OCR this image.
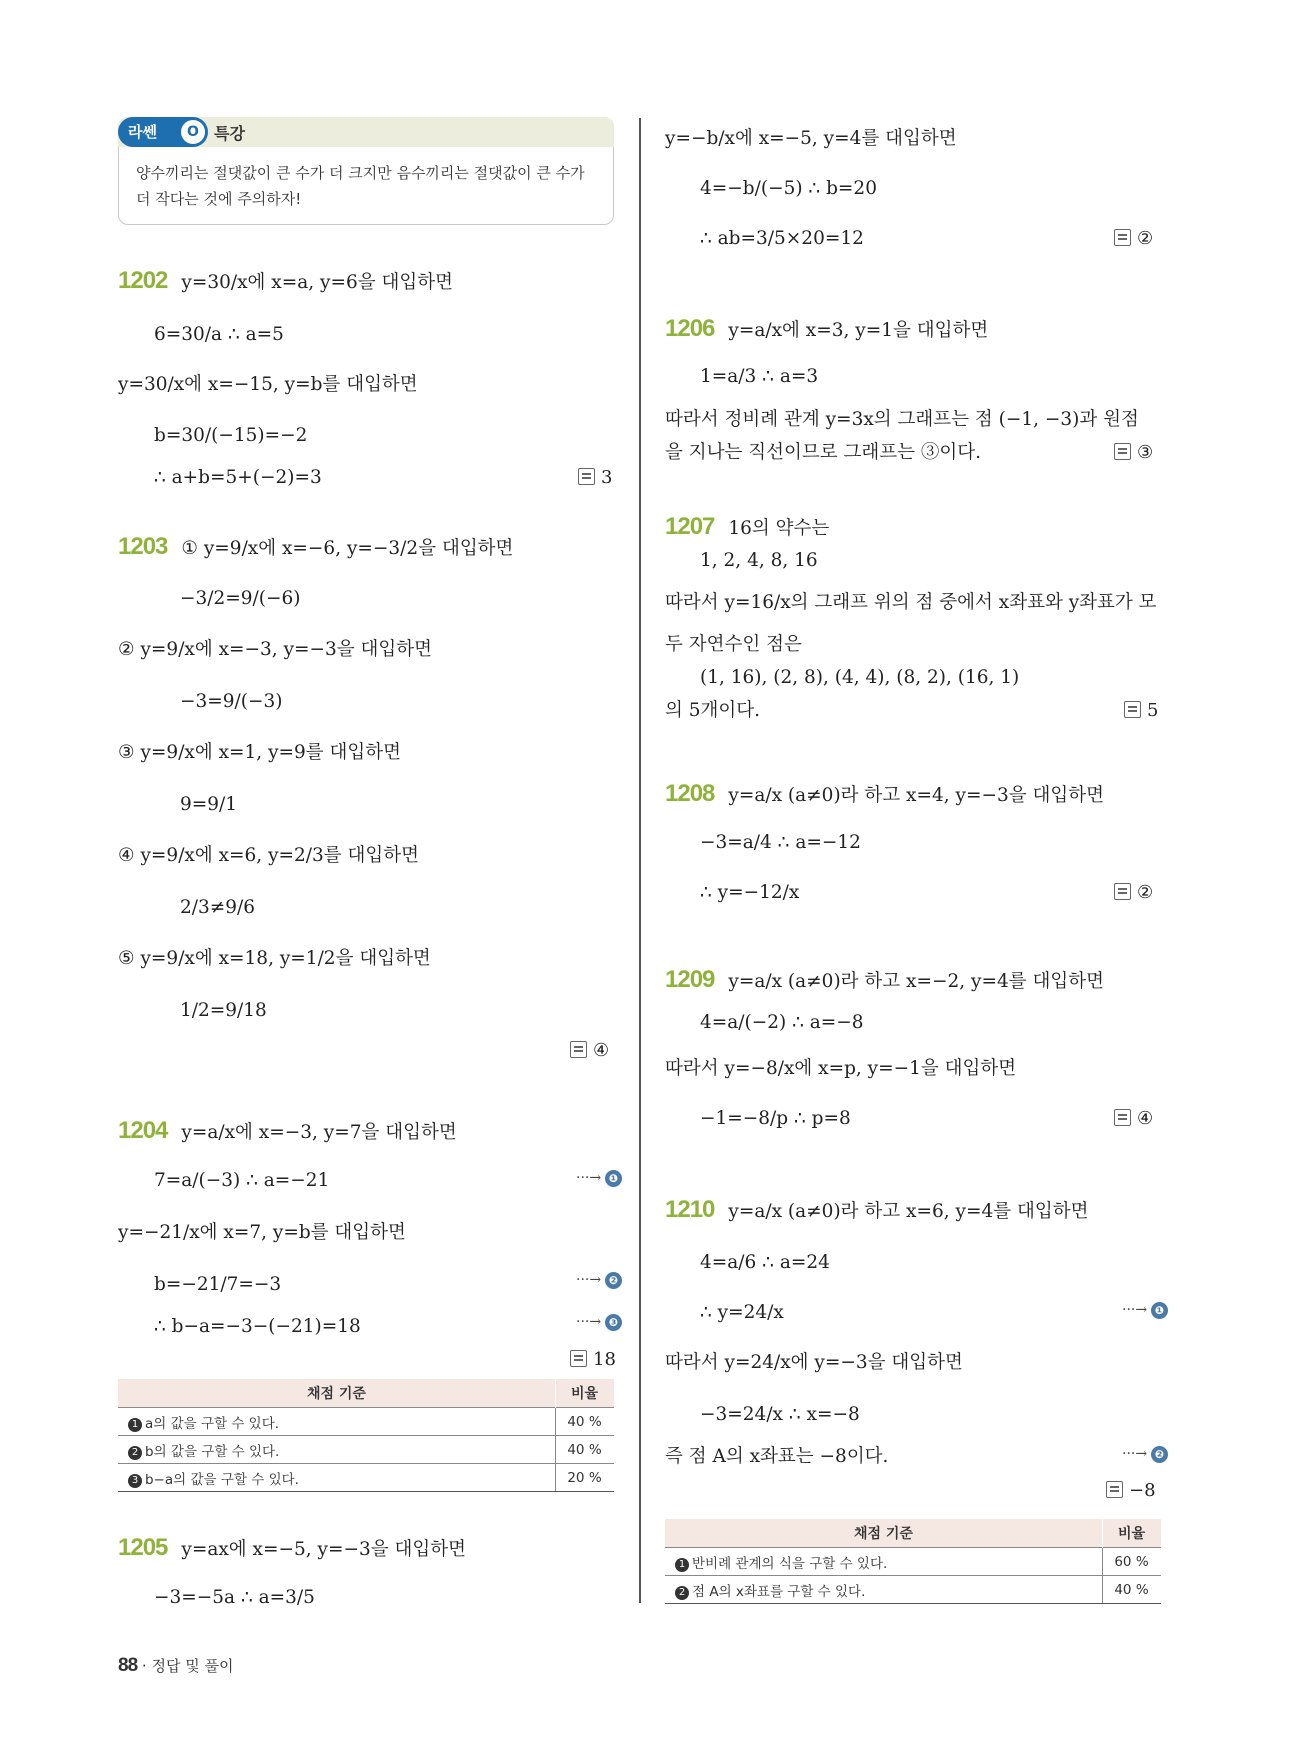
라쎈	O 특강
양수끼리는 절댓값이 큰 수가 더 크지만 음수끼리는 절댓값이 큰 수가 더 작다는 것에 주의하자!
1202 y=30/x에 x=a, y=6을 대입하면
6=30/a ∴ a=5
y=30/x에 x=−15, y=b를 대입하면
b=30/(−15)=−2
∴ a+b=5+(−2)=3	3
1203 ① y=9/x에 x=−6, y=−3/2을 대입하면
−3/2=9/(−6)
② y=9/x에 x=−3, y=−3을 대입하면
−3=9/(−3)
③ y=9/x에 x=1, y=9를 대입하면
9=9/1
④ y=9/x에 x=6, y=2/3를 대입하면
2/3≠9/6
⑤ y=9/x에 x=18, y=1/2을 대입하면
1/2=9/18
④
1204 y=a/x에 x=−3, y=7을 대입하면
7=a/(−3) ∴ a=−21	···→ ❶
y=−21/x에 x=7, y=b를 대입하면
b=−21/7=−3	···→ ❷
∴ b−a=−3−(−21)=18	···→ ❸
18
채점 기준	비율
1 a의 값을 구할 수 있다.	40 %
2 b의 값을 구할 수 있다.	40 %
3 b−a의 값을 구할 수 있다.	20 %
1205 y=ax에 x=−5, y=−3을 대입하면
−3=−5a ∴ a=3/5
y=−b/x에 x=−5, y=4를 대입하면
4=−b/(−5) ∴ b=20
∴ ab=3/5×20=12	②
1206 y=a/x에 x=3, y=1을 대입하면
1=a/3 ∴ a=3
따라서 정비례 관계 y=3x의 그래프는 점 (−1, −3)과 원점
을 지나는 직선이므로 그래프는 ③이다.	③
1207 16의 약수는
1, 2, 4, 8, 16
따라서 y=16/x의 그래프 위의 점 중에서 x좌표와 y좌표가 모
두 자연수인 점은
(1, 16), (2, 8), (4, 4), (8, 2), (16, 1)
의 5개이다.	5
1208 y=a/x (a≠0)라 하고 x=4, y=−3을 대입하면
−3=a/4 ∴ a=−12
∴ y=−12/x	②
1209 y=a/x (a≠0)라 하고 x=−2, y=4를 대입하면
4=a/(−2) ∴ a=−8
따라서 y=−8/x에 x=p, y=−1을 대입하면
−1=−8/p ∴ p=8	④
1210 y=a/x (a≠0)라 하고 x=6, y=4를 대입하면
4=a/6 ∴ a=24
∴ y=24/x	···→ ❶
따라서 y=24/x에 y=−3을 대입하면
−3=24/x ∴ x=−8
즉 점 A의 x좌표는 −8이다.	···→ ❷
−8
채점 기준	비율
1 반비례 관계의 식을 구할 수 있다.	60 %
2 점 A의 x좌표를 구할 수 있다.	40 %
88 · 정답 및 풀이
